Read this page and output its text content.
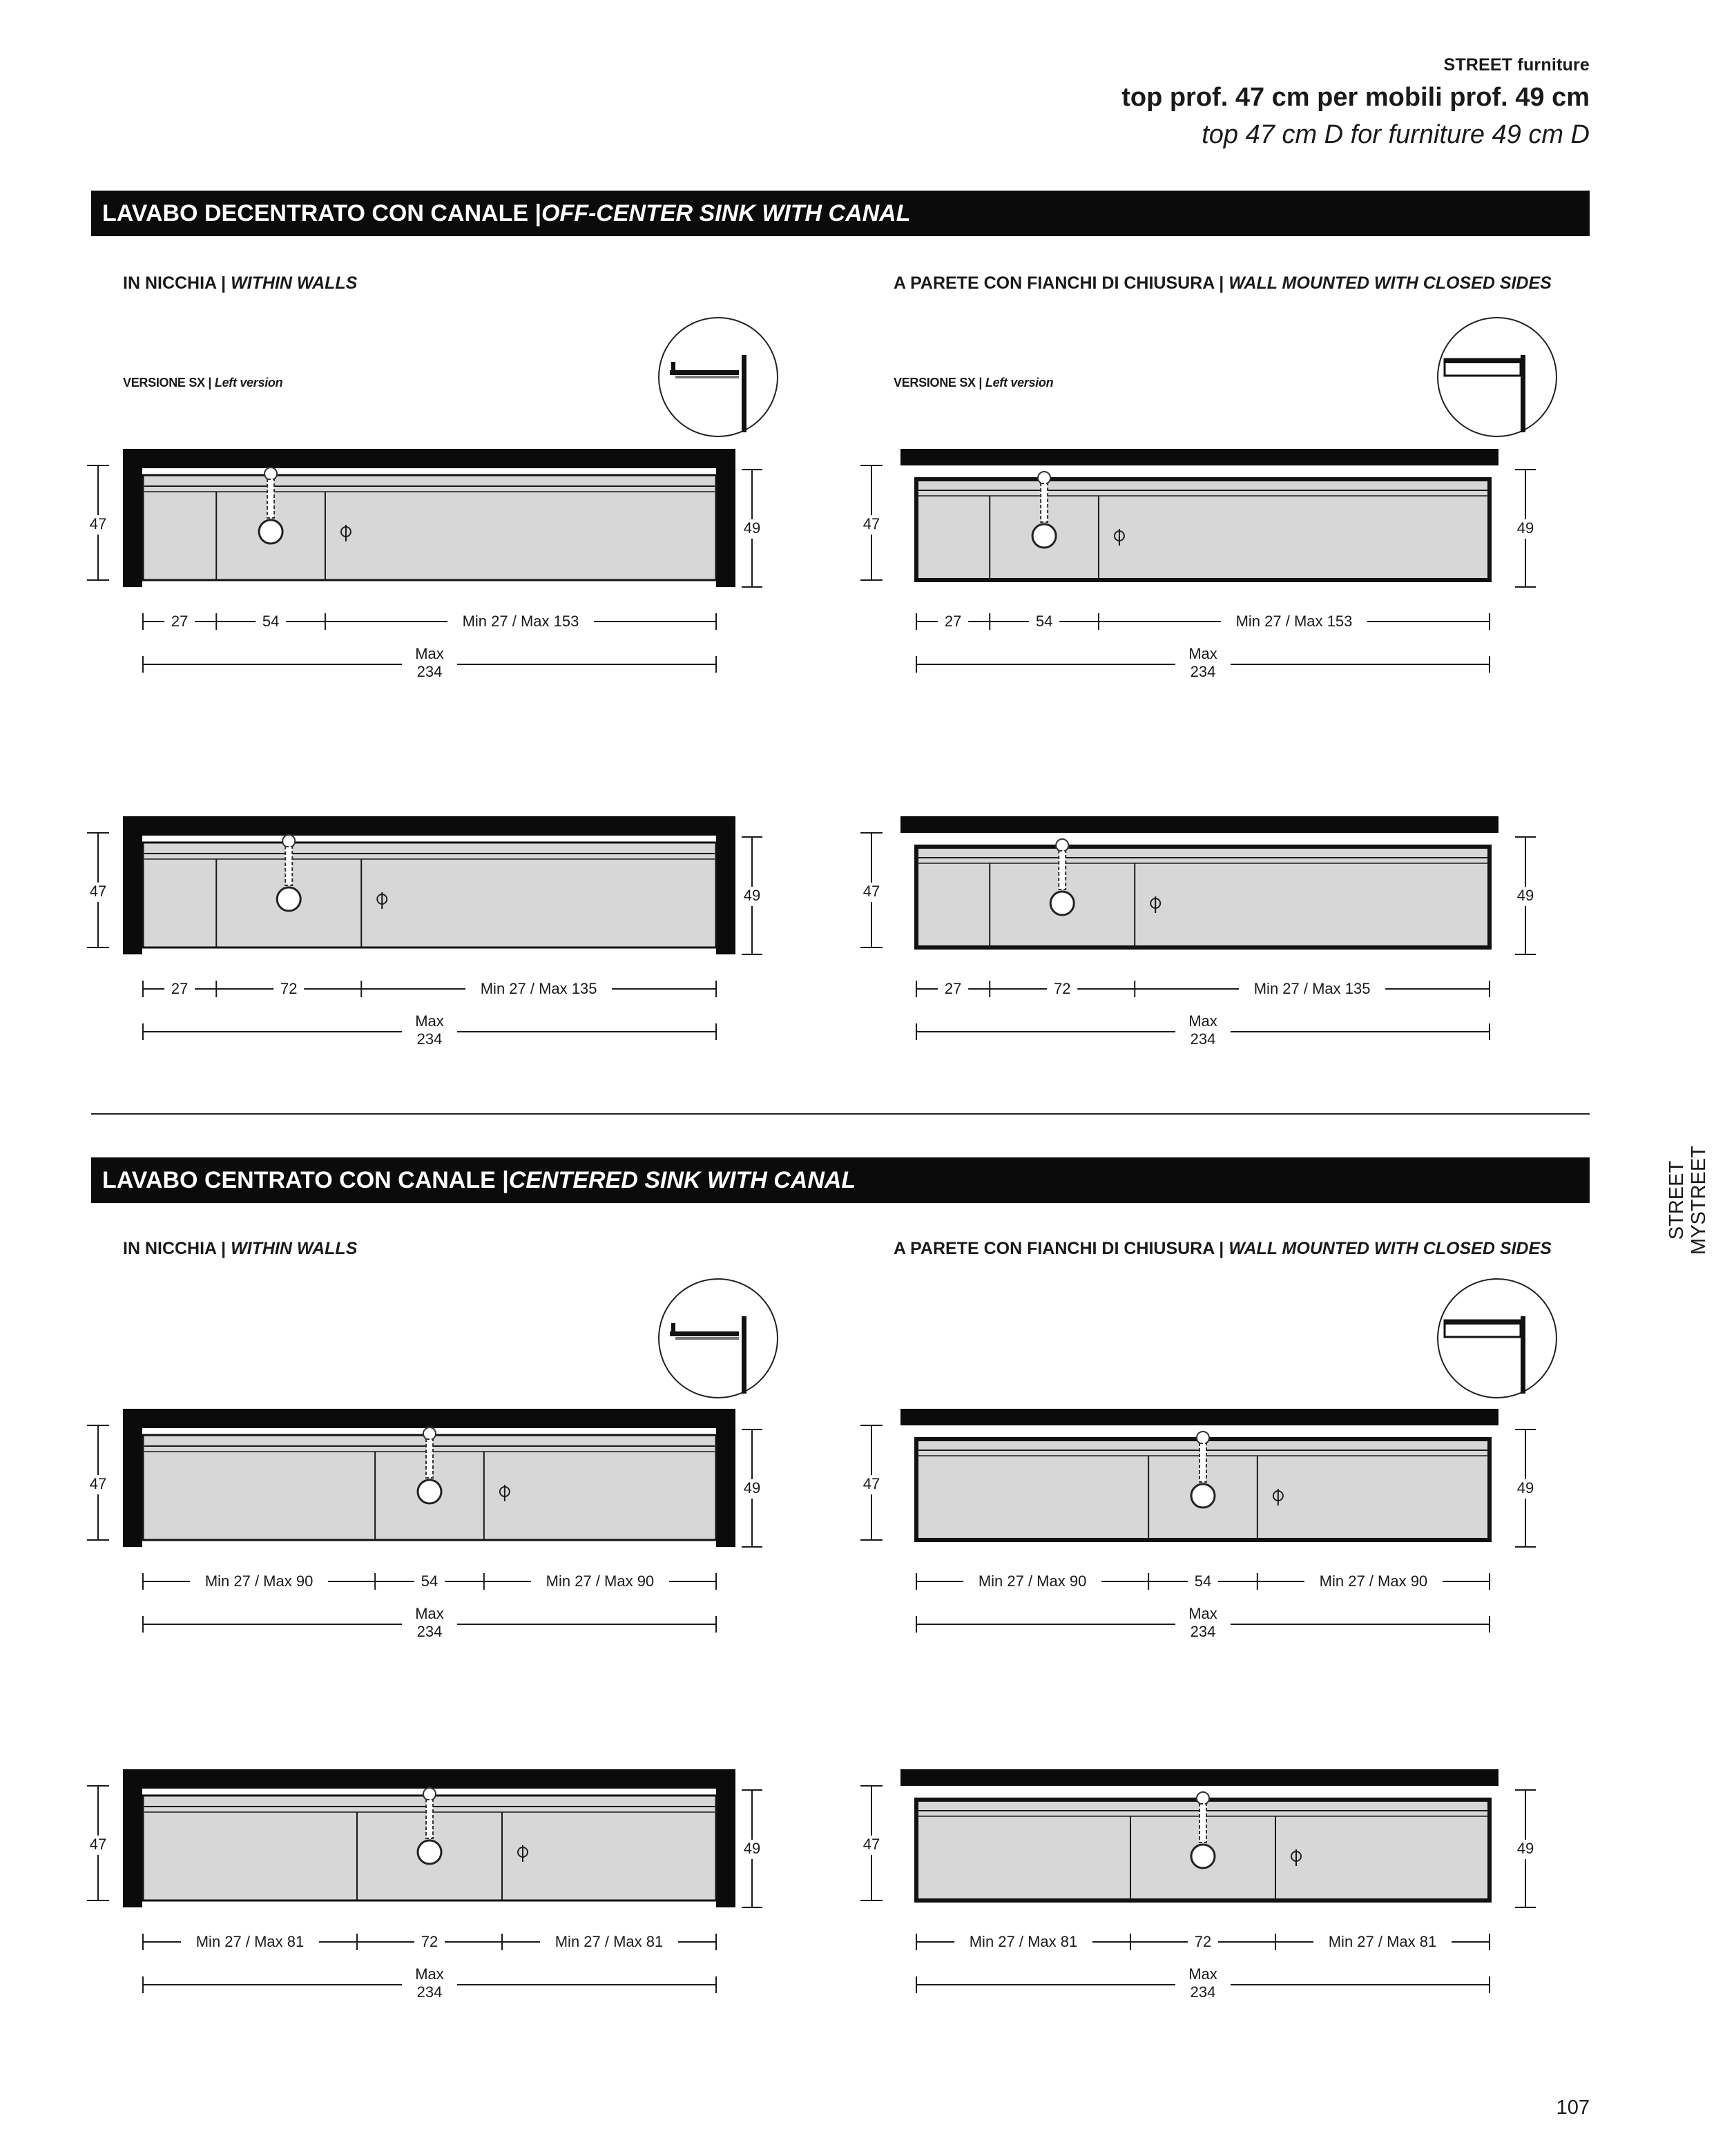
STREET furniture
top prof. 47 cm per mobili prof. 49 cm
top 47 cm D for furniture 49 cm D
LAVABO DECENTRATO CON CANALE | OFF-CENTER SINK WITH CANAL
IN NICCHIA | WITHIN WALLS	A PARETE CON FIANCHI DI CHIUSURA | WALL MOUNTED WITH CLOSED SIDES
VERSIONE SX | Left version	VERSIONE SX | Left version
LAVABO CENTRATO CON CANALE | CENTERED SINK WITH CANAL
IN NICCHIA | WITHIN WALLS	A PARETE CON FIANCHI DI CHIUSURA | WALL MOUNTED WITH CLOSED SIDES
STREET MYSTREET
107
47	49
27	54	Min 27 / Max 153
Max
234
47	49
27	54	Min 27 / Max 153
Max
234
47	49
27	72	Min 27 / Max 135
Max
234
47	49
27	72	Min 27 / Max 135
Max
234
47	49
Min 27 / Max 90	54	Min 27 / Max 90
Max
234
47	49
Min 27 / Max 90	54	Min 27 / Max 90
Max
234
47	49
Min 27 / Max 81	72	Min 27 / Max 81
Max
234
47	49
Min 27 / Max 81	72	Min 27 / Max 81
Max
234
